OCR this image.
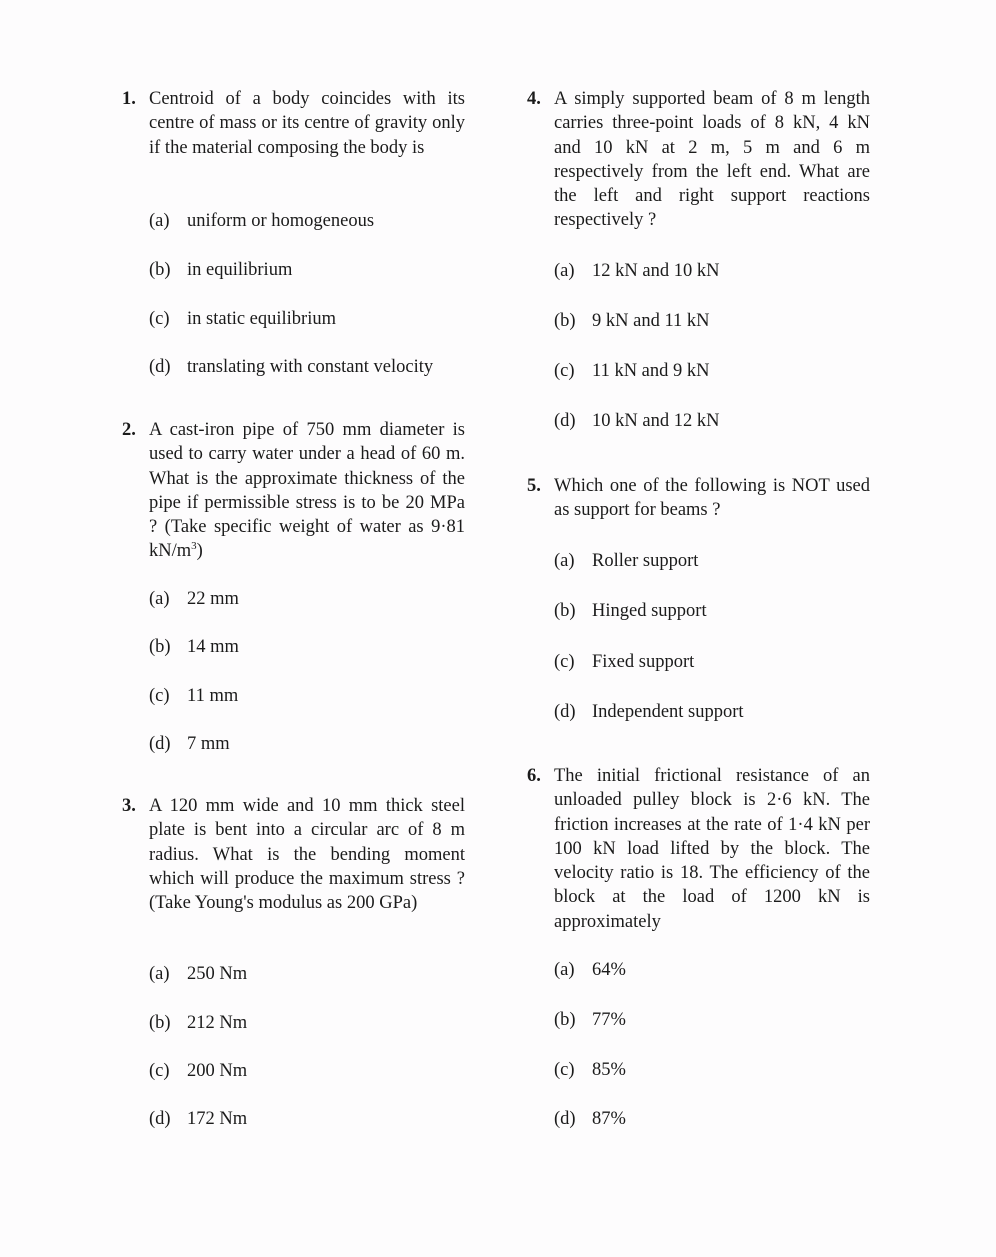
1. Centroid of a body coincides with its centre of mass or its centre of gravity only if the material composing the body is
(a) uniform or homogeneous
(b) in equilibrium
(c) in static equilibrium
(d) translating with constant velocity
2. A cast-iron pipe of 750 mm diameter is used to carry water under a head of 60 m. What is the approximate thickness of the pipe if permissible stress is to be 20 MPa ? (Take specific weight of water as 9·81 $kN/m^3$)
(a) 22 mm
(b) 14 mm
(c) 11 mm
(d) 7 mm
3. A 120 mm wide and 10 mm thick steel plate is bent into a circular arc of 8 m radius. What is the bending moment which will produce the maximum stress ? (Take Young's modulus as 200 GPa)
(a) 250 Nm
(b) 212 Nm
(c) 200 Nm
(d) 172 Nm
4. A simply supported beam of 8 m length carries three-point loads of 8 kN, 4 kN and 10 kN at 2 m, 5 m and 6 m respectively from the left end. What are the left and right support reactions respectively ?
(a) 12 kN and 10 kN
(b) 9 kN and 11 kN
(c) 11 kN and 9 kN
(d) 10 kN and 12 kN
5. Which one of the following is NOT used as support for beams ?
(a) Roller support
(b) Hinged support
(c) Fixed support
(d) Independent support
6. The initial frictional resistance of an unloaded pulley block is 2·6 kN. The friction increases at the rate of 1·4 kN per 100 kN load lifted by the block. The velocity ratio is 18. The efficiency of the block at the load of 1200 kN is approximately
(a) 64%
(b) 77%
(c) 85%
(d) 87%
